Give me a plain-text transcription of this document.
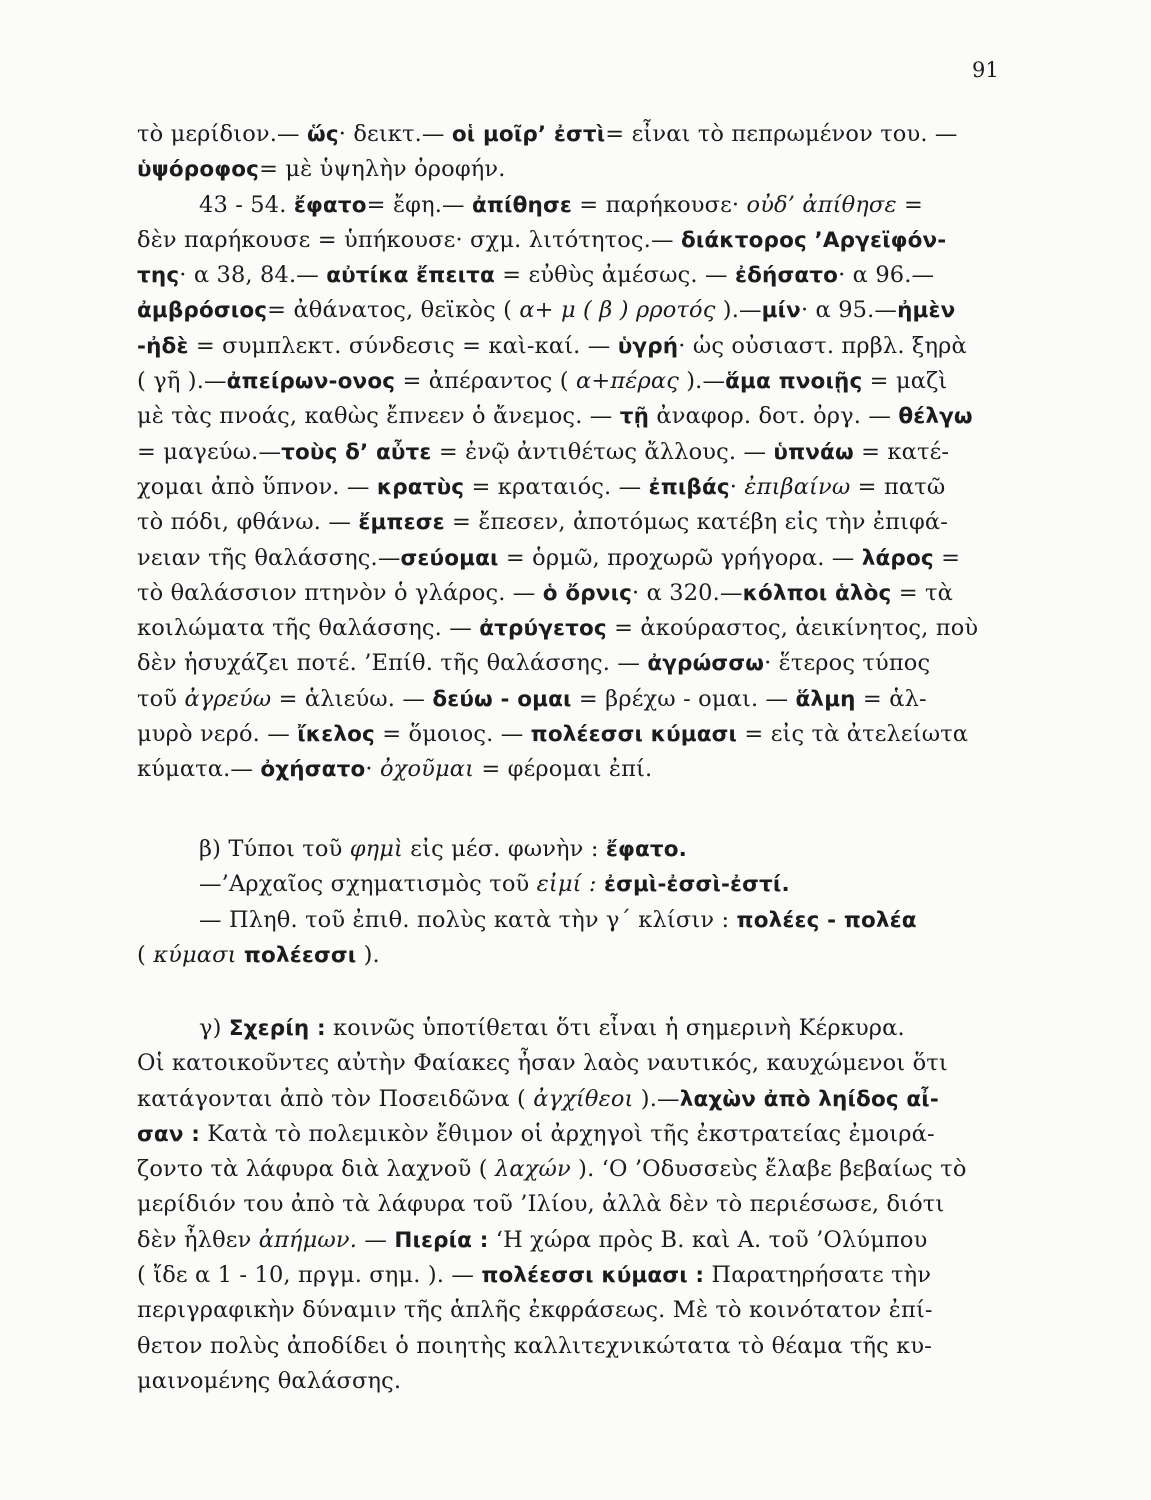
91
τὸ μερίδιον.— ὥς· δεικτ.— οἱ μοῖρ’ ἐστὶ= εἶναι τὸ πεπρωμένον του. —
ὑψόροφος= μὲ ὑψηλὴν ὀροφήν.
43 - 54. ἔφατο= ἔφη.— ἀπίθησε = παρήκουσε· οὐδ’ ἀπίθησε =
δὲν παρήκουσε = ὑπήκουσε· σχμ. λιτότητος.— διάκτορος ’Αργεϊφόν-
της· α 38, 84.— αὐτίκα ἔπειτα = εὐθὺς ἀμέσως. — ἐδήσατο· α 96.—
ἀμβρόσιος= ἀθάνατος, θεϊκὸς ( α+ μ ( β ) ρροτός ).—μίν· α 95.—ἠμὲν
-ἠδὲ = συμπλεκτ. σύνδεσις = καὶ-καί. — ὑγρή· ὡς οὐσιαστ. πρβλ. ξηρὰ
( γῆ ).—ἀπείρων-ονος = ἀπέραντος ( α+πέρας ).—ἅμα πνοιῇς = μαζὶ
μὲ τὰς πνοάς, καθὼς ἔπνεεν ὁ ἄνεμος. — τῇ ἀναφορ. δοτ. ὀργ. — θέλγω
= μαγεύω.—τοὺς δ’ αὖτε = ἐνῷ ἀντιθέτως ἄλλους. — ὑπνάω = κατέ-
χομαι ἀπὸ ὕπνον. — κρατὺς = κραταιός. — ἐπιβάς· ἐπιβαίνω = πατῶ
τὸ πόδι, φθάνω. — ἔμπεσε = ἔπεσεν, ἀποτόμως κατέβη εἰς τὴν ἐπιφά-
νειαν τῆς θαλάσσης.—σεύομαι = ὁρμῶ, προχωρῶ γρήγορα. — λάρος =
τὸ θαλάσσιον πτηνὸν ὁ γλάρος. — ὁ ὄρνις· α 320.—κόλποι ἁλὸς = τὰ
κοιλώματα τῆς θαλάσσης. — ἀτρύγετος = ἀκούραστος, ἀεικίνητος, ποὺ
δὲν ἡσυχάζει ποτέ. ’Επίθ. τῆς θαλάσσης. — ἀγρώσσω· ἕτερος τύπος
τοῦ ἀγρεύω = ἁλιεύω. — δεύω - ομαι = βρέχω - ομαι. — ἅλμη = ἁλ-
μυρὸ νερό. — ἴκελος = ὅμοιος. — πολέεσσι κύμασι = εἰς τὰ ἀτελείωτα
κύματα.— ὀχήσατο· ὀχοῦμαι = φέρομαι ἐπί.
β) Τύποι τοῦ φημὶ εἰς μέσ. φωνὴν : ἔφατο.
—’Αρχαῖος σχηματισμὸς τοῦ εἰμί : ἐσμὶ-ἐσσὶ-ἐστί.
— Πληθ. τοῦ ἐπιθ. πολὺς κατὰ τὴν γ´ κλίσιν : πολέες - πολέα
( κύμασι πολέεσσι ).
γ) Σχερίη : κοινῶς ὑποτίθεται ὅτι εἶναι ἡ σημερινὴ Κέρκυρα.
Οἱ κατοικοῦντες αὐτὴν Φαίακες ἦσαν λαὸς ναυτικός, καυχώμενοι ὅτι
κατάγονται ἀπὸ τὸν Ποσειδῶνα ( ἀγχίθεοι ).—λαχὼν ἀπὸ ληίδος αἶ-
σαν : Κατὰ τὸ πολεμικὸν ἔθιμον οἱ ἀρχηγοὶ τῆς ἐκστρατείας ἐμοιρά-
ζοντο τὰ λάφυρα διὰ λαχνοῦ ( λαχών ). ‘Ο ’Οδυσσεὺς ἔλαβε βεβαίως τὸ
μερίδιόν του ἀπὸ τὰ λάφυρα τοῦ ’Ιλίου, ἀλλὰ δὲν τὸ περιέσωσε, διότι
δὲν ἦλθεν ἀπήμων. — Πιερία : ‘Η χώρα πρὸς Β. καὶ Α. τοῦ ’Ολύμπου
( ἴδε α 1 - 10, πργμ. σημ. ). — πολέεσσι κύμασι : Παρατηρήσατε τὴν
περιγραφικὴν δύναμιν τῆς ἁπλῆς ἐκφράσεως. Μὲ τὸ κοινότατον ἐπί-
θετον πολὺς ἀποδίδει ὁ ποιητὴς καλλιτεχνικώτατα τὸ θέαμα τῆς κυ-
μαινομένης θαλάσσης.
